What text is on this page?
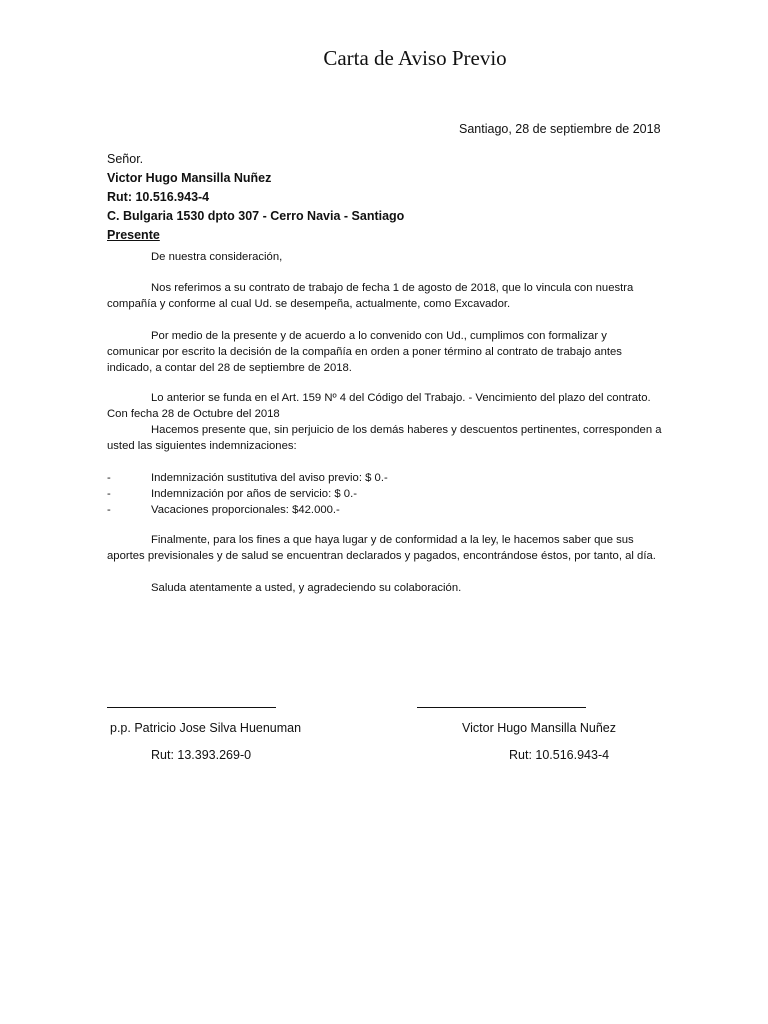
Carta de Aviso Previo
Santiago, 28 de septiembre de 2018
Señor.
Victor Hugo Mansilla Nuñez
Rut: 10.516.943-4
C. Bulgaria 1530 dpto 307 - Cerro Navia - Santiago
Presente
De nuestra consideración,
Nos referimos a su contrato de trabajo de fecha 1 de agosto de 2018, que lo vincula con nuestra compañía y conforme al cual Ud. se desempeña, actualmente, como Excavador.
Por medio de la presente y de acuerdo a lo convenido con Ud., cumplimos con formalizar y comunicar por escrito la decisión de la compañía en orden a poner término al contrato de trabajo antes indicado, a contar del 28 de septiembre de 2018.
Lo anterior se funda en el Art. 159 Nº 4 del Código del Trabajo. - Vencimiento del plazo del contrato. Con fecha 28 de Octubre del 2018
Hacemos presente que, sin perjuicio de los demás haberes y descuentos pertinentes, corresponden a usted las siguientes indemnizaciones:
-	Indemnización sustitutiva del aviso previo: $ 0.-
-	Indemnización por años de servicio: $ 0.-
-	Vacaciones proporcionales: $42.000.-
Finalmente, para los fines a que haya lugar y de conformidad a la ley, le hacemos saber que sus aportes previsionales y de salud se encuentran declarados y pagados, encontrándose éstos, por tanto, al día.
Saluda atentamente a usted, y agradeciendo su colaboración.
p.p. Patricio Jose Silva Huenuman
Rut: 13.393.269-0
Victor Hugo Mansilla Nuñez
Rut: 10.516.943-4
